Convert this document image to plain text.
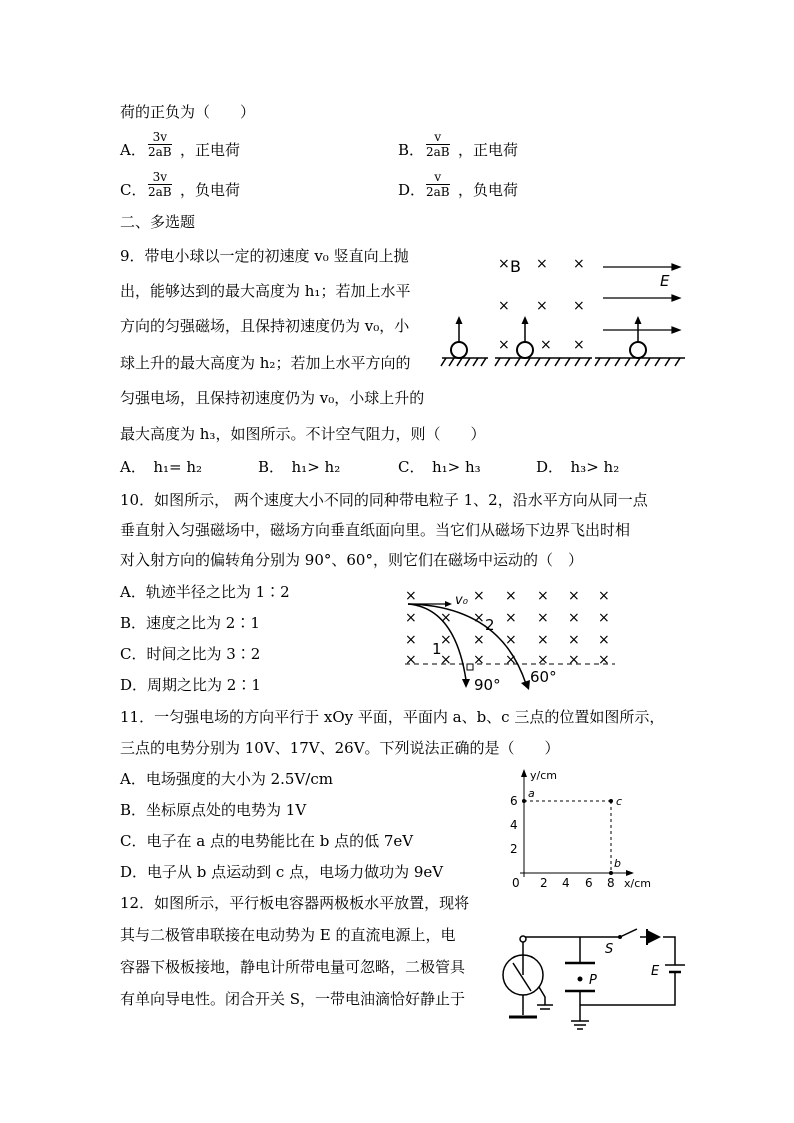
荷的正负为（　　）
A． $\frac{3v}{2aB}$ ，正电荷	B． $\frac{v}{2aB}$ ，正电荷
C． $\frac{3v}{2aB}$ ，负电荷	D． $\frac{v}{2aB}$ ，负电荷
二、多选题
9．带电小球以一定的初速度 v₀ 竖直向上抛
出，能够达到的最大高度为 h₁；若加上水平
方向的匀强磁场，且保持初速度仍为 v₀，小
球上升的最大高度为 h₂；若加上水平方向的
匀强电场，且保持初速度仍为 v₀，小球上升的
最大高度为 h₃，如图所示。不计空气阻力，则（　　）
A．　h₁= h₂	B．　h₁> h₂	C．　h₁> h₃	D．　h₃> h₂
× × ×
× × ×
× × ×
B
E
10．如图所示， 两个速度大小不同的同种带电粒子 1、2，沿水平方向从同一点
垂直射入匀强磁场中，磁场方向垂直纸面向里。当它们从磁场下边界飞出时相
对入射方向的偏转角分别为 90°、60°，则它们在磁场中运动的（　）
A．轨迹半径之比为 1∶2
B．速度之比为 2∶1
C．时间之比为 3∶2
D．周期之比为 2∶1
×	× × × × ×
× × × × × × ×
× × × × × × ×
× × × × × × ×
v₀
1
2
90° 60°
11．一匀强电场的方向平行于 xOy 平面，平面内 a、b、c 三点的位置如图所示，
三点的电势分别为 10V、17V、26V。下列说法正确的是（　　）
A．电场强度的大小为 2.5V/cm
B．坐标原点处的电势为 1V
C．电子在 a 点的电势能比在 b 点的低 7eV
D．电子从 b 点运动到 c 点，电场力做功为 9eV
y/cm
x/cm
0 2 4 6 8
2
4
6
a
c
b
12．如图所示，平行板电容器两极板水平放置，现将
其与二极管串联接在电动势为 E 的直流电源上，电
容器下极板接地，静电计所带电量可忽略，二极管具
有单向导电性。闭合开关 S，一带电油滴恰好静止于
S
P
E
